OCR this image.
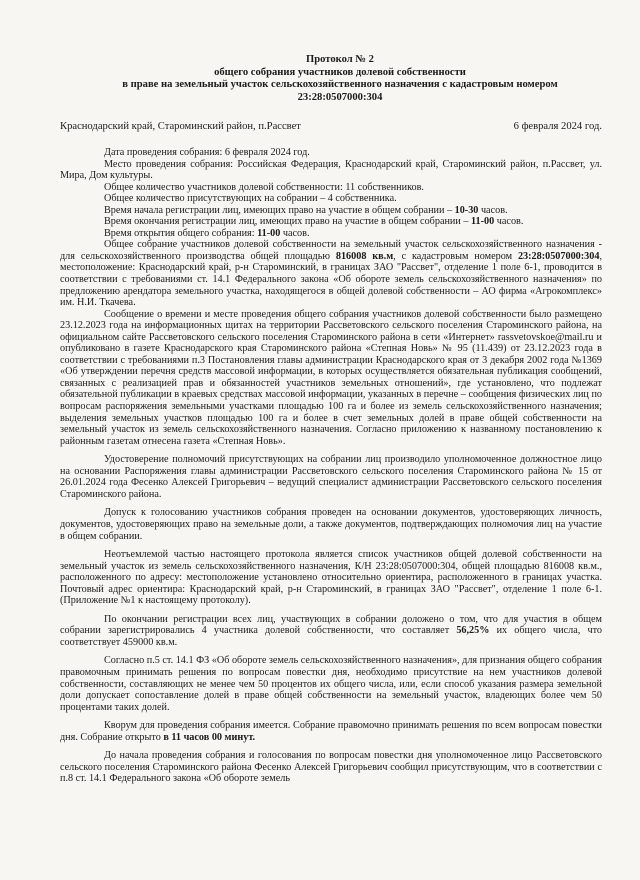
Протокол № 2
общего собрания участников долевой собственности
в праве на земельный участок сельскохозяйственного назначения с кадастровым номером
23:28:0507000:304
Краснодарский край, Староминский район, п.Рассвет	6 февраля 2024 год.

Дата проведения собрания: 6 февраля 2024 год.

Место проведения собрания: Российская Федерация, Краснодарский край, Староминский район, п.Рассвет, ул. Мира, Дом культуры.

Общее количество участников долевой собственности: 11 собственников.

Общее количество присутствующих на собрании – 4 собственника.

Время начала регистрации лиц, имеющих право на участие в общем собрании – 10-30 часов.

Время окончания регистрации лиц, имеющих право на участие в общем собрании – 11-00 часов.

Время открытия общего собрания: 11-00 часов.

Общее собрание участников долевой собственности на земельный участок сельскохозяйственного назначения - для сельскохозяйственного производства общей площадью 816008 кв.м, с кадастровым номером 23:28:0507000:304, местоположение: Краснодарский край, р-н Староминский, в границах ЗАО "Рассвет", отделение 1 поле 6-1, проводится в соответствии с требованиями ст. 14.1 Федерального закона «Об обороте земель сельскохозяйственного назначения» по предложению арендатора земельного участка, находящегося в общей долевой собственности – АО фирма «Агрокомплекс» им. Н.И. Ткачева.

Сообщение о времени и месте проведения общего собрания участников долевой собственности было размещено 23.12.2023 года на информационных щитах на территории Рассветовского сельского поселения Староминского района, на официальном сайте Рассветовского сельского поселения Староминского района в сети «Интернет» rassvetovskoe@mail.ru и опубликовано в газете Краснодарского края Староминского района «Степная Новь» № 95 (11.439) от 23.12.2023 года в соответствии с требованиями п.3 Постановления главы администрации Краснодарского края от 3 декабря 2002 года №1369 «Об утверждении перечня средств массовой информации, в которых осуществляется обязательная публикация сообщений, связанных с реализацией прав и обязанностей участников земельных отношений», где установлено, что подлежат обязательной публикации в краевых средствах массовой информации, указанных в перечне – сообщения физических лиц по вопросам распоряжения земельными участками площадью 100 га и более из земель сельскохозяйственного назначения; выделения земельных участков площадью 100 га и более в счет земельных долей в праве общей собственности на земельный участок из земель сельскохозяйственного назначения. Согласно приложению к названному постановлению к районным газетам отнесена газета «Степная Новь».

Удостоверение полномочий присутствующих на собрании лиц производило уполномоченное должностное лицо на основании Распоряжения главы администрации Рассветовского сельского поселения Староминского района № 15 от 26.01.2024 года Фесенко Алексей Григорьевич – ведущий специалист администрации Рассветовского сельского поселения Староминского района.

Допуск к голосованию участников собрания проведен на основании документов, удостоверяющих личность, документов, удостоверяющих право на земельные доли, а также документов, подтверждающих полномочия лиц на участие в общем собрании.

Неотъемлемой частью настоящего протокола является список участников общей долевой собственности на земельный участок из земель сельскохозяйственного назначения, К/Н 23:28:0507000:304, общей площадью 816008 кв.м., расположенного по адресу: местоположение установлено относительно ориентира, расположенного в границах участка. Почтовый адрес ориентира: Краснодарский край, р-н Староминский, в границах ЗАО "Рассвет", отделение 1 поле 6-1. (Приложение №1 к настоящему протоколу).

По окончании регистрации всех лиц, участвующих в собрании доложено о том, что для участия в общем собрании зарегистрировались 4 участника долевой собственности, что составляет 56,25% их общего числа, что соответствует 459000 кв.м.

Согласно п.5 ст. 14.1 ФЗ «Об обороте земель сельскохозяйственного назначения», для признания общего собрания правомочным принимать решения по вопросам повестки дня, необходимо присутствие на нем участников долевой собственности, составляющих не менее чем 50 процентов их общего числа, или, если способ указания размера земельной доли допускает сопоставление долей в праве общей собственности на земельный участок, владеющих более чем 50 процентами таких долей.

Кворум для проведения собрания имеется. Собрание правомочно принимать решения по всем вопросам повестки дня. Собрание открыто в 11 часов 00 минут.

До начала проведения собрания и голосования по вопросам повестки дня уполномоченное лицо Рассветовского сельского поселения Староминского района Фесенко Алексей Григорьевич сообщил присутствующим, что в соответствии с п.8 ст. 14.1 Федерального закона «Об обороте земель
